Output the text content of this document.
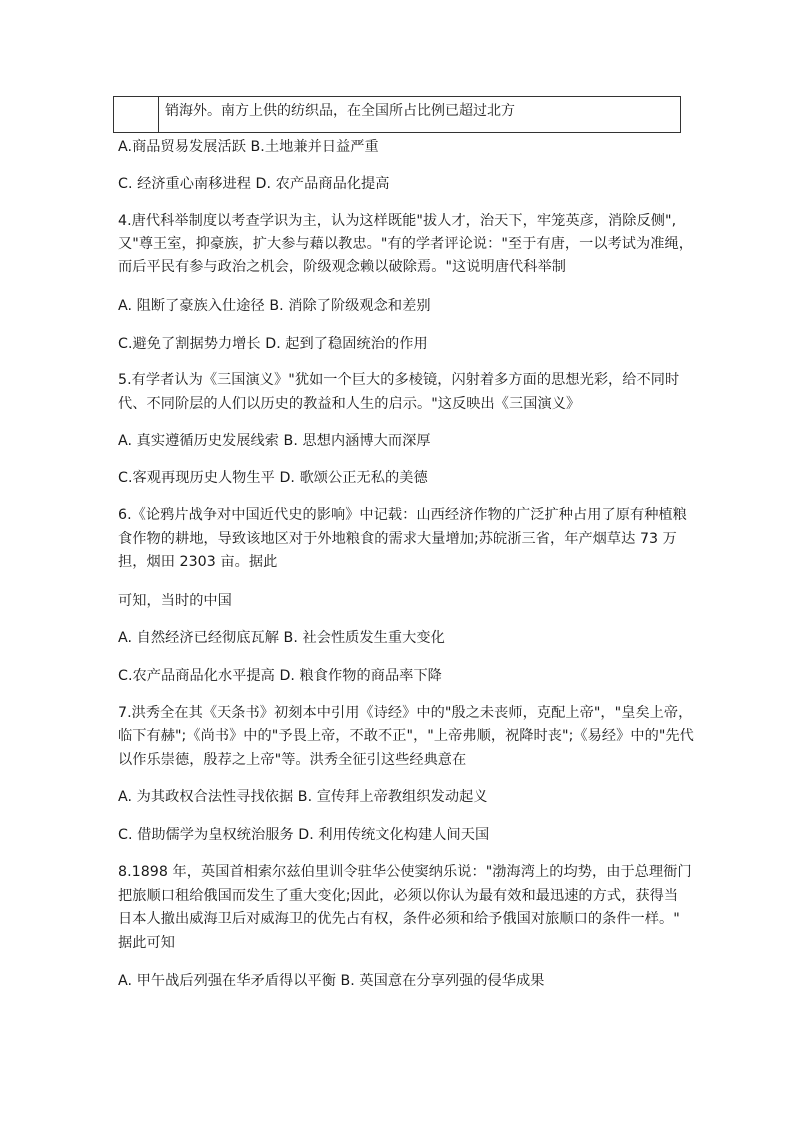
销海外。南方上供的纺织品，在全国所占比例已超过北方
A.商品贸易发展活跃 B.土地兼并日益严重
C. 经济重心南移进程 D. 农产品商品化提高
4.唐代科举制度以考查学识为主，认为这样既能"拔人才，治天下，牢笼英彦，消除反侧",
又"尊王室，抑豪族，扩大参与藉以教忠。"有的学者评论说："至于有唐，一以考试为准绳，
而后平民有参与政治之机会，阶级观念赖以破除焉。"这说明唐代科举制
A. 阻断了豪族入仕途径 B. 消除了阶级观念和差别
C.避免了割据势力增长 D. 起到了稳固统治的作用
5.有学者认为《三国演义》"犹如一个巨大的多棱镜，闪射着多方面的思想光彩，给不同时
代、不同阶层的人们以历史的教益和人生的启示。"这反映出《三国演义》
A. 真实遵循历史发展线索 B. 思想内涵博大而深厚
C.客观再现历史人物生平 D. 歌颂公正无私的美德
6.《论鸦片战争对中国近代史的影响》中记载：山西经济作物的广泛扩种占用了原有种植粮
食作物的耕地，导致该地区对于外地粮食的需求大量增加;苏皖浙三省，年产烟草达 73 万
担，烟田 2303 亩。据此
可知，当时的中国
A. 自然经济已经彻底瓦解 B. 社会性质发生重大变化
C.农产品商品化水平提高 D. 粮食作物的商品率下降
7.洪秀全在其《天条书》初刻本中引用《诗经》中的"殷之未丧师，克配上帝"，"皇矣上帝，
临下有赫";《尚书》中的"予畏上帝，不敢不正"，"上帝弗顺，祝降时丧";《易经》中的"先代
以作乐崇德，殷荐之上帝"等。洪秀全征引这些经典意在
A. 为其政权合法性寻找依据 B. 宣传拜上帝教组织发动起义
C. 借助儒学为皇权统治服务 D. 利用传统文化构建人间天国
8.1898 年，英国首相索尔兹伯里训令驻华公使窦纳乐说："渤海湾上的均势，由于总理衙门
把旅顺口租给俄国而发生了重大变化;因此，必须以你认为最有效和最迅速的方式，获得当
日本人撤出威海卫后对威海卫的优先占有权，条件必须和给予俄国对旅顺口的条件一样。"
据此可知
A. 甲午战后列强在华矛盾得以平衡 B. 英国意在分享列强的侵华成果
